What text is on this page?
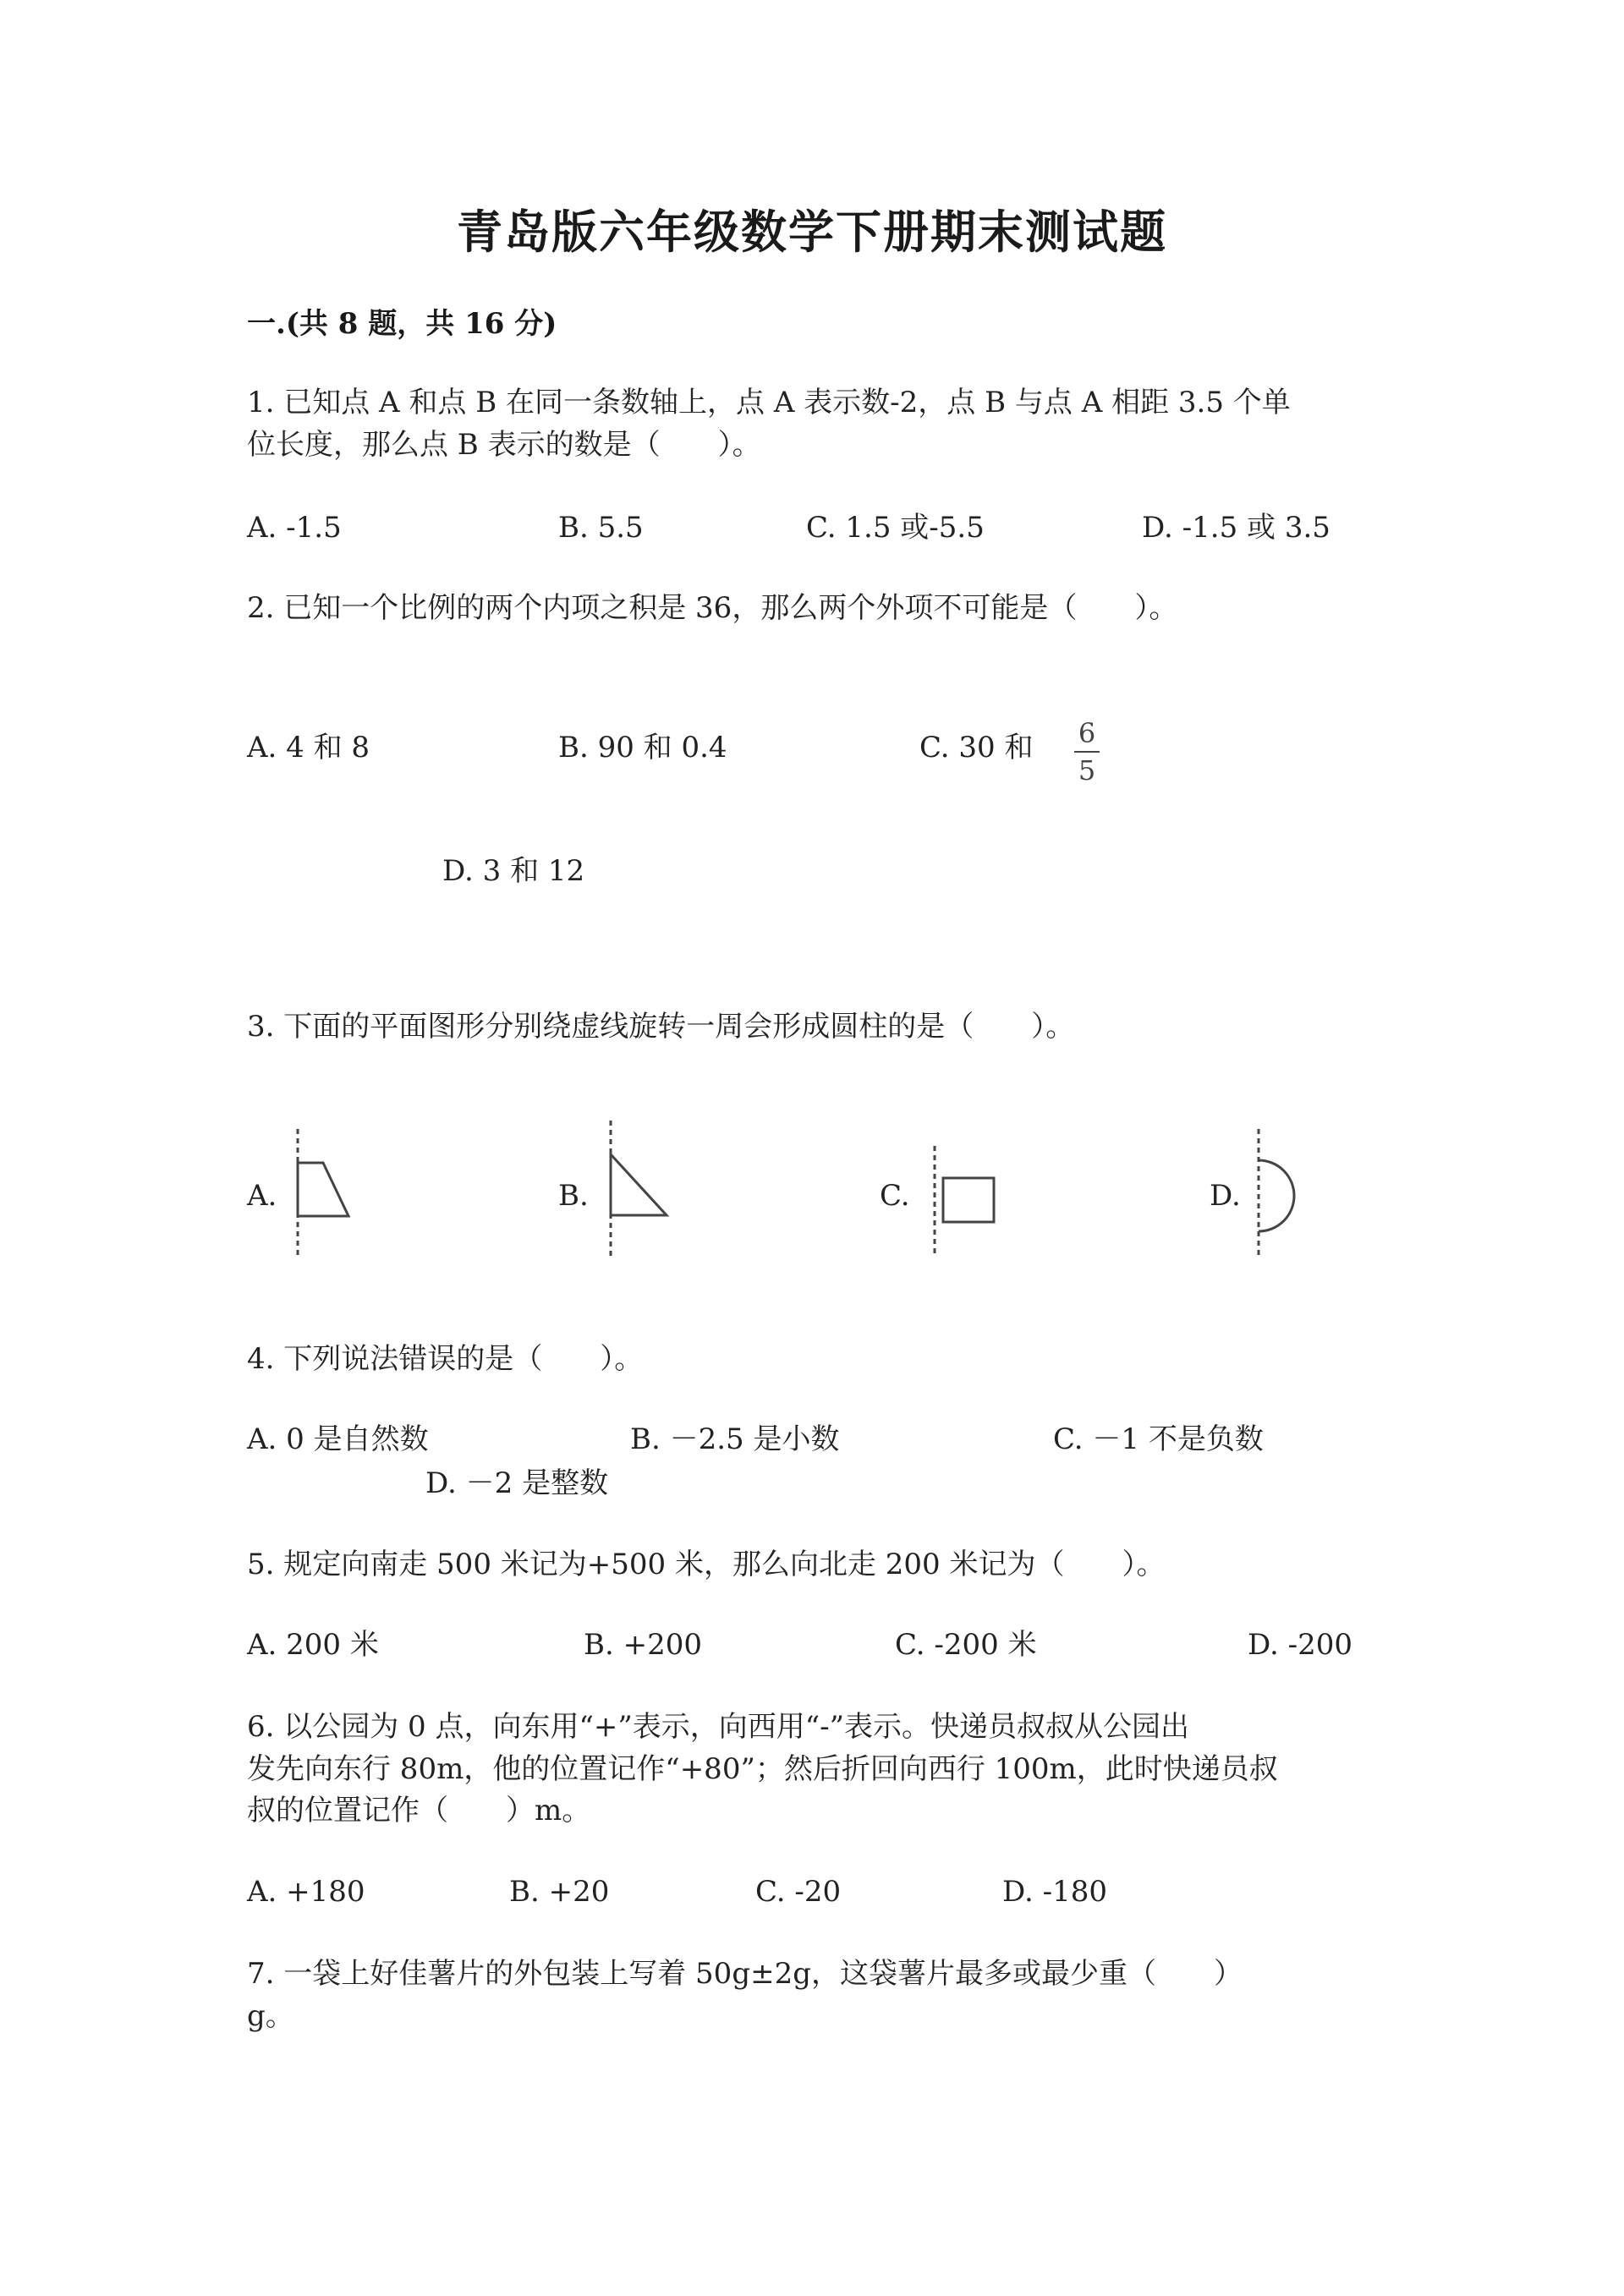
青岛版六年级数学下册期末测试题
一.(共 8 题，共 16 分)
1. 已知点 A 和点 B 在同一条数轴上，点 A 表示数-2，点 B 与点 A 相距 3.5 个单
位长度，那么点 B 表示的数是（　　）。
A. -1.5	B. 5.5	C. 1.5 或-5.5	D. -1.5 或 3.5
2. 已知一个比例的两个内项之积是 36，那么两个外项不可能是（　　）。
A. 4 和 8	B. 90 和 0.4	C. 30 和 6
5
D. 3 和 12
3. 下面的平面图形分别绕虚线旋转一周会形成圆柱的是（　　）。
A.	B.	C.	D.
4. 下列说法错误的是（　　）。
A. 0 是自然数	B. －2.5 是小数	C. －1 不是负数
D. －2 是整数
5. 规定向南走 500 米记为+500 米，那么向北走 200 米记为（　　）。
A. 200 米	B. +200	C. -200 米	D. -200
6. 以公园为 0 点，向东用“+”表示，向西用“-”表示。快递员叔叔从公园出
发先向东行 80m，他的位置记作“+80”；然后折回向西行 100m，此时快递员叔
叔的位置记作（　　）m。
A. +180	B. +20	C. -20	D. -180
7. 一袋上好佳薯片的外包装上写着 50g±2g，这袋薯片最多或最少重（　　）
g。
